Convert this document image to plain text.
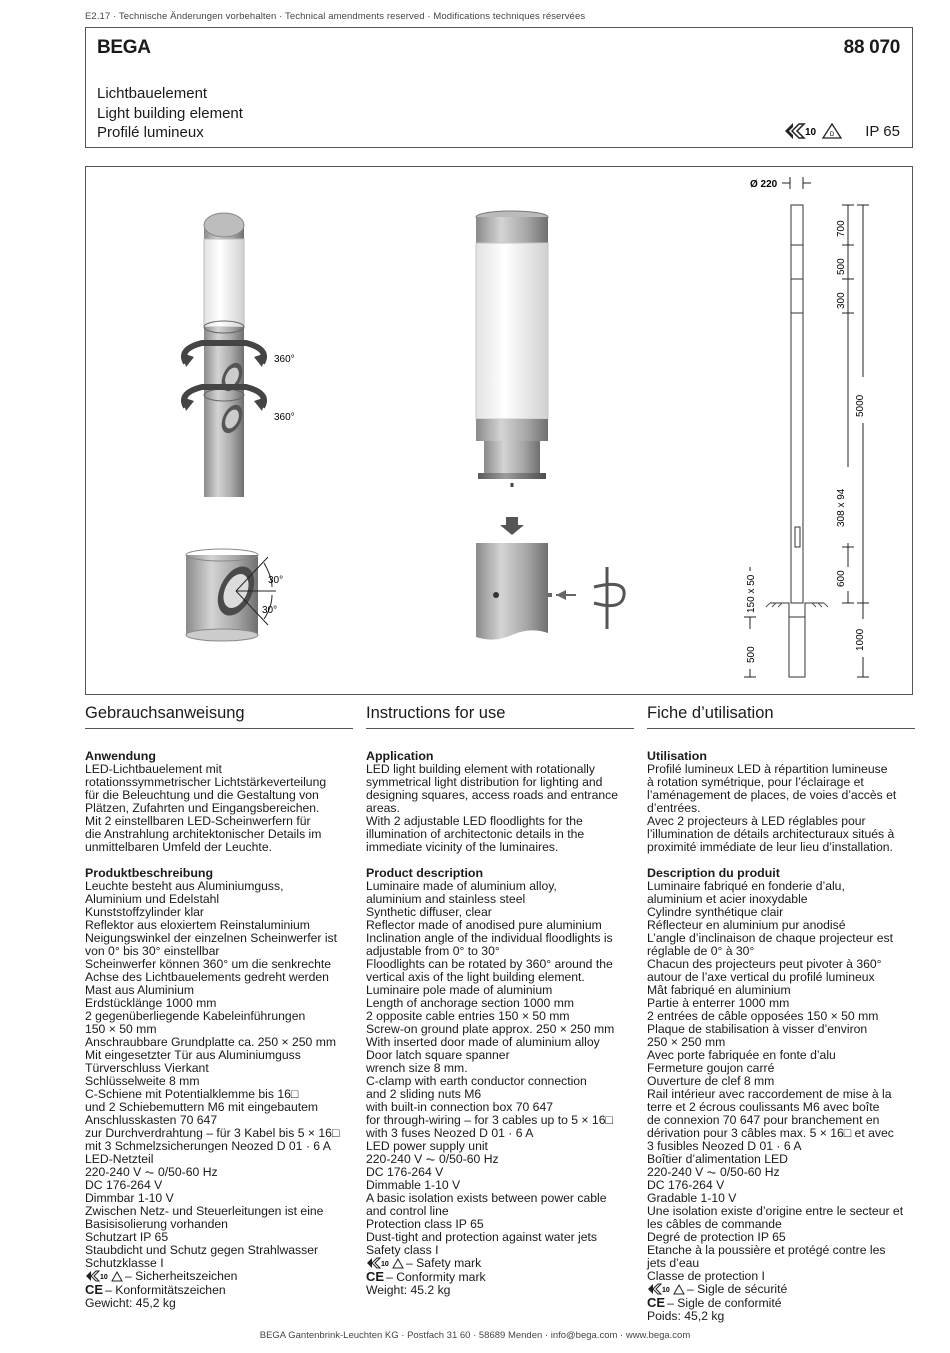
E2.17 · Technische Änderungen vorbehalten · Technical amendments reserved · Modifications techniques réservées
BEGA	88 070
Lichtbauelement
Light building element
Profilé lumineux	10 D IP 65
360°
360°
30°
30°
Ø 220
700
500
300
308 x 94
600
5000
1000
150 x 50
500
Gebrauchsanweisung
Anwendung

LED-Lichtbauelement mit
rotationssymmetrischer Lichtstärkeverteilung
für die Beleuchtung und die Gestaltung von
Plätzen, Zufahrten und Eingangsbereichen.
Mit 2 einstellbaren LED-Scheinwerfern für
die Anstrahlung architektonischer Details im
unmittelbaren Umfeld der Leuchte.

Produktbeschreibung

Leuchte besteht aus Aluminiumguss,
Aluminium und Edelstahl
Kunststoffzylinder klar
Reflektor aus eloxiertem Reinstaluminium
Neigungswinkel der einzelnen Scheinwerfer ist
von 0° bis 30° einstellbar
Scheinwerfer können 360° um die senkrechte
Achse des Lichtbauelements gedreht werden
Mast aus Aluminium
Erdstücklänge 1000 mm
2 gegenüberliegende Kabeleinführungen
150 × 50 mm
Anschraubbare Grundplatte ca. 250 × 250 mm
Mit eingesetzter Tür aus Aluminiumguss
Türverschluss Vierkant
Schlüsselweite 8 mm
C-Schiene mit Potentialklemme bis 16□
und 2 Schiebemuttern M6 mit eingebautem
Anschlusskasten 70 647
zur Durchverdrahtung – für 3 Kabel bis 5 × 16□
mit 3 Schmelzsicherungen Neozed D 01 · 6 A
LED-Netzteil
220-240 V ⏦ 0/50-60 Hz
DC 176-264 V
Dimmbar 1-10 V
Zwischen Netz- und Steuerleitungen ist eine
Basisisolierung vorhanden
Schutzart IP 65
Staubdicht und Schutz gegen Strahlwasser
Schutzklasse I

10 – Sicherheitszeichen

CE – Konformitätszeichen

Gewicht: 45,2 kg

Instructions for use
Application

LED light building element with rotationally
symmetrical light distribution for lighting and
designing squares, access roads and entrance
areas.
With 2 adjustable LED floodlights for the
illumination of architectonic details in the
immediate vicinity of the luminaires.

Product description

Luminaire made of aluminium alloy,
aluminium and stainless steel
Synthetic diffuser, clear
Reflector made of anodised pure aluminium
Inclination angle of the individual floodlights is
adjustable from 0° to 30°
Floodlights can be rotated by 360° around the
vertical axis of the light building element.
Luminaire pole made of aluminium
Length of anchorage section 1000 mm
2 opposite cable entries 150 × 50 mm
Screw-on ground plate approx. 250 × 250 mm
With inserted door made of aluminium alloy
Door latch square spanner
wrench size 8 mm.
C-clamp with earth conductor connection
and 2 sliding nuts M6
with built-in connection box 70 647
for through-wiring – for 3 cables up to 5 × 16□
with 3 fuses Neozed D 01 · 6 A
LED power supply unit
220-240 V ⏦ 0/50-60 Hz
DC 176-264 V
Dimmable 1-10 V
A basic isolation exists between power cable
and control line
Protection class IP 65
Dust-tight and protection against water jets
Safety class I

10 – Safety mark

CE – Conformity mark

Weight: 45.2 kg

Fiche d’utilisation
Utilisation

Profilé lumineux LED à répartition lumineuse
à rotation symétrique, pour l’éclairage et
l’aménagement de places, de voies d’accès et
d’entrées.
Avec 2 projecteurs à LED réglables pour
l’illumination de détails architecturaux situés à
proximité immédiate de leur lieu d’installation.

Description du produit

Luminaire fabriqué en fonderie d’alu,
aluminium et acier inoxydable
Cylindre synthétique clair
Réflecteur en aluminium pur anodisé
L’angle d’inclinaison de chaque projecteur est
réglable de 0° à 30°
Chacun des projecteurs peut pivoter à 360°
autour de l’axe vertical du profilé lumineux
Mât fabriqué en aluminium
Partie à enterrer 1000 mm
2 entrées de câble opposées 150 × 50 mm
Plaque de stabilisation à visser d’environ
250 × 250 mm
Avec porte fabriquée en fonte d’alu
Fermeture goujon carré
Ouverture de clef 8 mm
Rail intérieur avec raccordement de mise à la
terre et 2 écrous coulissants M6 avec boîte
de connexion 70 647 pour branchement en
dérivation pour 3 câbles max. 5 × 16□ et avec
3 fusibles Neozed D 01 · 6 A
Boîtier d’alimentation LED
220-240 V ⏦ 0/50-60 Hz
DC 176-264 V
Gradable 1-10 V
Une isolation existe d’origine entre le secteur et
les câbles de commande
Degré de protection IP 65
Etanche à la poussière et protégé contre les
jets d’eau
Classe de protection I

10 – Sigle de sécurité

CE – Sigle de conformité

Poids: 45,2 kg

BEGA Gantenbrink-Leuchten KG · Postfach 31 60 · 58689 Menden · info@bega.com · www.bega.com
